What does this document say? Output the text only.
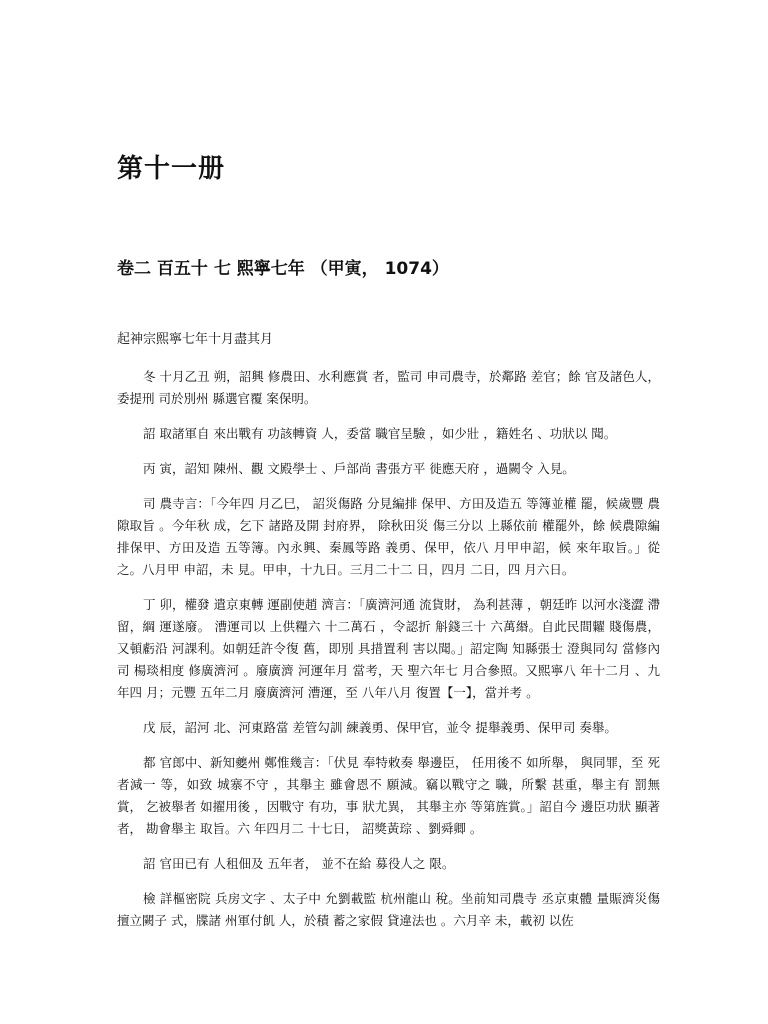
第十一册
卷二 百五十 七 熙寧七年 （甲寅， 1074）

起神宗熙寧七年十月盡其月

冬 十月乙丑 朔，詔興 修農田、水利應賞 者，監司 申司農寺，於鄰路 差官；餘 官及諸色人，委提刑 司於別州 縣選官覆 案保明。

詔 取諸軍自 來出戰有 功該轉資 人，委當 職官呈驗 ，如少壯 ，籍姓名 、功狀以 聞。

丙 寅，詔知 陳州、觀 文殿學士 、戶部尚 書張方平 徙應天府 ，過闕令 入見。

司 農寺言：「今年四 月乙巳， 詔災傷路 分見編排 保甲、方田及造五 等簿並權 罷，候歲豐 農隙取旨 。今年秋 成，乞下 諸路及開 封府界， 除秋田災 傷三分以 上縣依前 權罷外，餘 候農隙編 排保甲、方田及造 五等簿。內永興、秦鳳等路 義勇、保甲，依八 月甲申詔，候 來年取旨。」從之。八月甲 申詔，未 見。甲申，十九日。三月二十二 日，四月 二日，四 月六日。

丁 卯，權發 遣京東轉 運副使趙 濟言：「廣濟河通 流貨財， 為利甚薄 ，朝廷昨 以河水淺澀 滯留，綱 運遂廢。 漕運司以 上供糧六 十二萬石 ，令認折 斛錢三十 六萬緡。自此民間糶 賤傷農， 又頓虧沿 河課利。如朝廷許令復 舊，即別 具措置利 害以聞。」詔定陶 知縣張士 澄與同勾 當修內司 楊琰相度 修廣濟河 。廢廣濟 河運年月 當考，天 聖六年七 月合參照。又熙寧八 年十二月 、九年四 月；元豐 五年二月 廢廣濟河 漕運，至 八年八月 復置【一】，當并考 。

戊 辰，詔河 北、河東路當 差管勾訓 練義勇、保甲官，並令 提舉義勇、保甲司 奏舉。

都 官郎中、新知夔州 鄭惟幾言：「伏見 奉特敕奏 舉邊臣， 任用後不 如所舉， 與同罪，至 死者減一 等，如致 城寨不守 ，其舉主 雖會恩不 願減。竊以戰守之 職，所繫 甚重，舉主有 罰無賞， 乞被舉者 如擢用後 ，因戰守 有功，事 狀尤異， 其舉主亦 等第旌賞。」詔自今 邊臣功狀 顯著者， 勘會舉主 取旨。六 年四月二 十七日， 詔獎黃琮 、劉舜卿 。

詔 官田已有 人租佃及 五年者， 並不在給 募役人之 限。

檢 詳樞密院 兵房文字 、太子中 允劉載監 杭州龍山 稅。坐前知司農寺 丞京東體 量賑濟災傷 擅立闕子 式，牒諸 州軍付飢 人，於積 蓄之家假 貸違法也 。六月辛 未，載初 以佐
